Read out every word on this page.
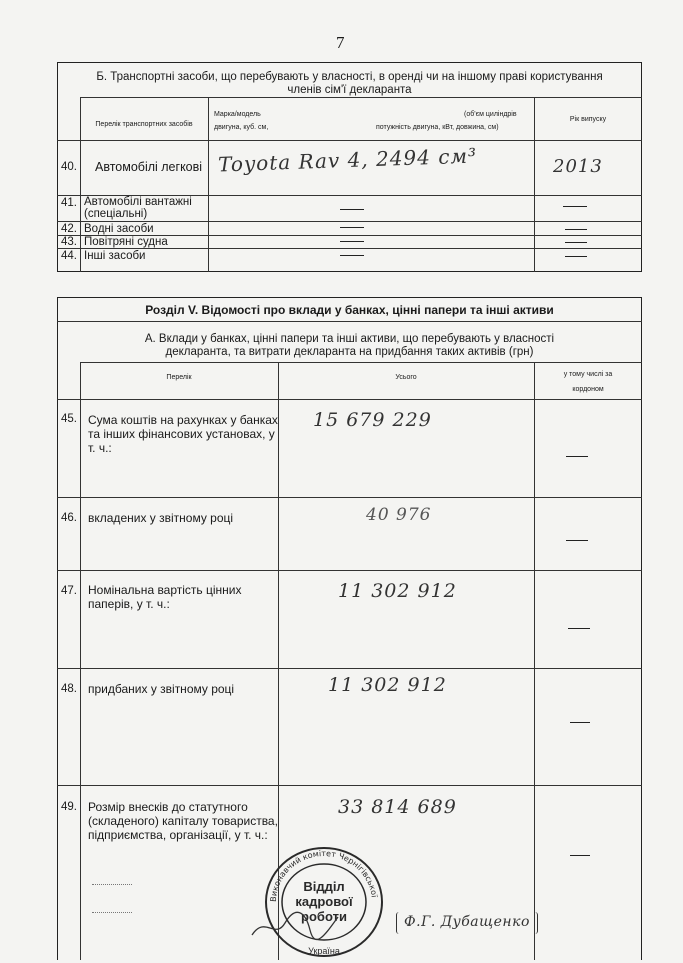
7
Б. Транспортні засоби, що перебувають у власності, в оренді чи на іншому праві користування
членів сім'ї декларанта
Перелік транспортних засобів
Марка/модель	(об'єм циліндрів
двигуна, куб. см,	потужність двигуна, кВт, довжина, см)
Рік випуску
40. Автомобілі легкові Toyota Rav 4, 2494 см³	2013
41. Автомобілі вантажні
(спеціальні)
42. Водні засоби
43. Повітряні судна
44. Інші засоби
Розділ V. Відомості про вклади у банках, цінні папери та інші активи
А. Вклади у банках, цінні папери та інші активи, що перебувають у власності
декларанта, та витрати декларанта на придбання таких активів (грн)
Перелік	Усього	у тому числі за
кордоном
45. Сума коштів на рахунках у банках
та інших фінансових установах, у
т. ч.:
15 679 229
46. вкладених у звітному році	40 976
47. Номінальна вартість цінних
паперів, у т. ч.:
11 302 912
48. придбаних у звітному році	11 302 912
49. Розмір внесків до статутного
(складеного) капіталу товариства,
підприємства, організації, у т. ч.:
33 814 689
Виконавчий комітет Чернігівської
Відділ
кадрової
роботи
Україна
Ф.Г. Дубащенко
